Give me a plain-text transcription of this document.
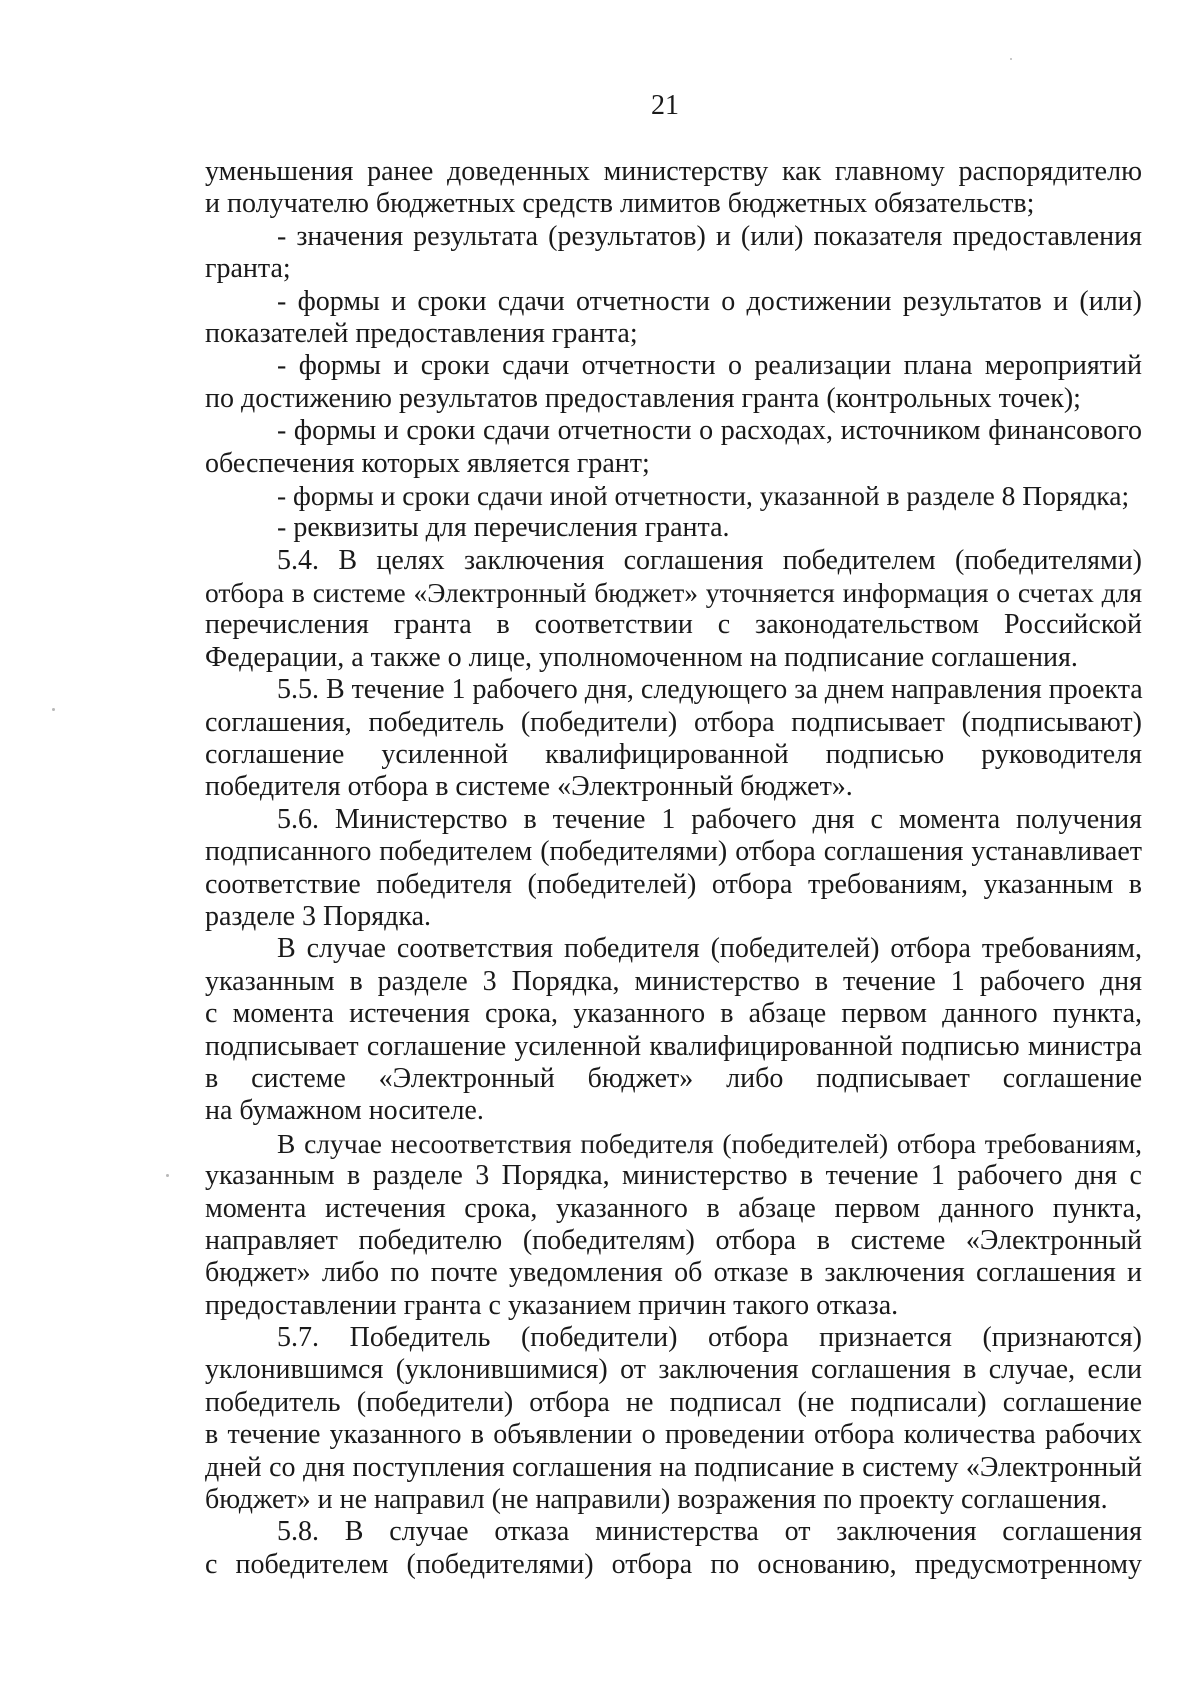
21
уменьшения ранее доведенных министерству как главному распорядителю
и получателю бюджетных средств лимитов бюджетных обязательств;
- значения результата (результатов) и (или) показателя предоставления
гранта;
- формы и сроки сдачи отчетности о достижении результатов и (или)
показателей предоставления гранта;
- формы и сроки сдачи отчетности о реализации плана мероприятий
по достижению результатов предоставления гранта (контрольных точек);
- формы и сроки сдачи отчетности о расходах, источником финансового
обеспечения которых является грант;
- формы и сроки сдачи иной отчетности, указанной в разделе 8 Порядка;
- реквизиты для перечисления гранта.
5.4. В целях заключения соглашения победителем (победителями)
отбора в системе «Электронный бюджет» уточняется информация о счетах для
перечисления гранта в соответствии с законодательством Российской
Федерации, а также о лице, уполномоченном на подписание соглашения.
5.5. В течение 1 рабочего дня, следующего за днем направления проекта
соглашения, победитель (победители) отбора подписывает (подписывают)
соглашение усиленной квалифицированной подписью руководителя
победителя отбора в системе «Электронный бюджет».
5.6. Министерство в течение 1 рабочего дня с момента получения
подписанного победителем (победителями) отбора соглашения устанавливает
соответствие победителя (победителей) отбора требованиям, указанным в
разделе 3 Порядка.
В случае соответствия победителя (победителей) отбора требованиям,
указанным в разделе 3 Порядка, министерство в течение 1 рабочего дня
с момента истечения срока, указанного в абзаце первом данного пункта,
подписывает соглашение усиленной квалифицированной подписью министра
в системе «Электронный бюджет» либо подписывает соглашение
на бумажном носителе.
В случае несоответствия победителя (победителей) отбора требованиям,
указанным в разделе 3 Порядка, министерство в течение 1 рабочего дня с
момента истечения срока, указанного в абзаце первом данного пункта,
направляет победителю (победителям) отбора в системе «Электронный
бюджет» либо по почте уведомления об отказе в заключения соглашения и
предоставлении гранта с указанием причин такого отказа.
5.7. Победитель (победители) отбора признается (признаются)
уклонившимся (уклонившимися) от заключения соглашения в случае, если
победитель (победители) отбора не подписал (не подписали) соглашение
в течение указанного в объявлении о проведении отбора количества рабочих
дней со дня поступления соглашения на подписание в систему «Электронный
бюджет» и не направил (не направили) возражения по проекту соглашения.
5.8. В случае отказа министерства от заключения соглашения
с победителем (победителями) отбора по основанию, предусмотренному
